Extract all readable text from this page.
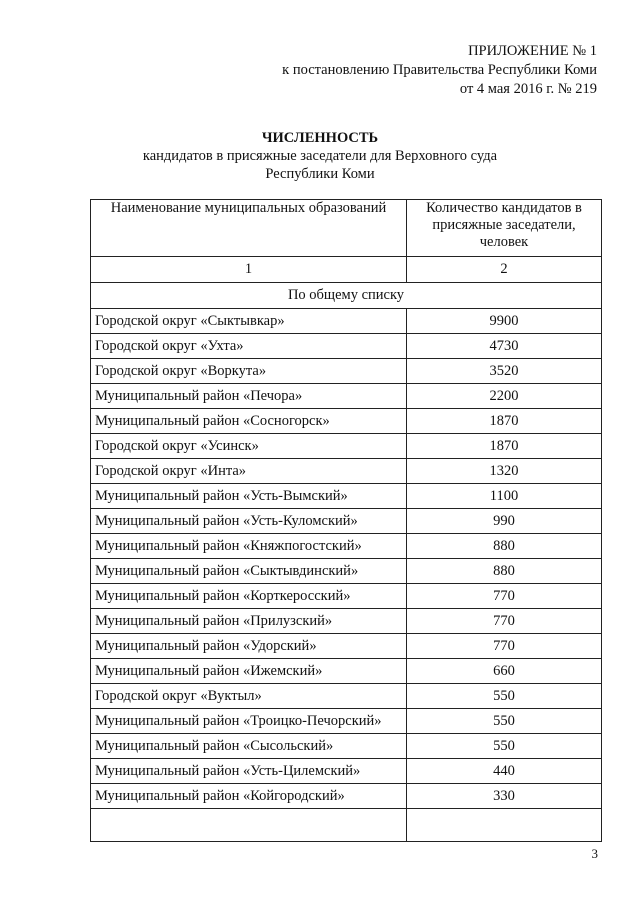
ПРИЛОЖЕНИЕ № 1
к постановлению Правительства Республики Коми
от 4 мая 2016 г. № 219
ЧИСЛЕННОСТЬ
кандидатов в присяжные заседатели для Верховного суда
Республики Коми
Наименование муниципальных образований	Количество кандидатов в присяжные заседатели, человек
1	2
По общему списку	
Городской округ «Сыктывкар»	9900
Городской округ «Ухта»	4730
Городской округ «Воркута»	3520
Муниципальный район «Печора»	2200
Муниципальный район «Сосногорск»	1870
Городской округ «Усинск»	1870
Городской округ «Инта»	1320
Муниципальный район «Усть-Вымский»	1100
Муниципальный район «Усть-Куломский»	990
Муниципальный район «Княжпогостский»	880
Муниципальный район «Сыктывдинский»	880
Муниципальный район «Корткеросский»	770
Муниципальный район «Прилузский»	770
Муниципальный район «Удорский»	770
Муниципальный район «Ижемский»	660
Городской округ «Вуктыл»	550
Муниципальный район «Троицко-Печорский»	550
Муниципальный район «Сысольский»	550
Муниципальный район «Усть-Цилемский»	440
Муниципальный район «Койгородский»	330

3
